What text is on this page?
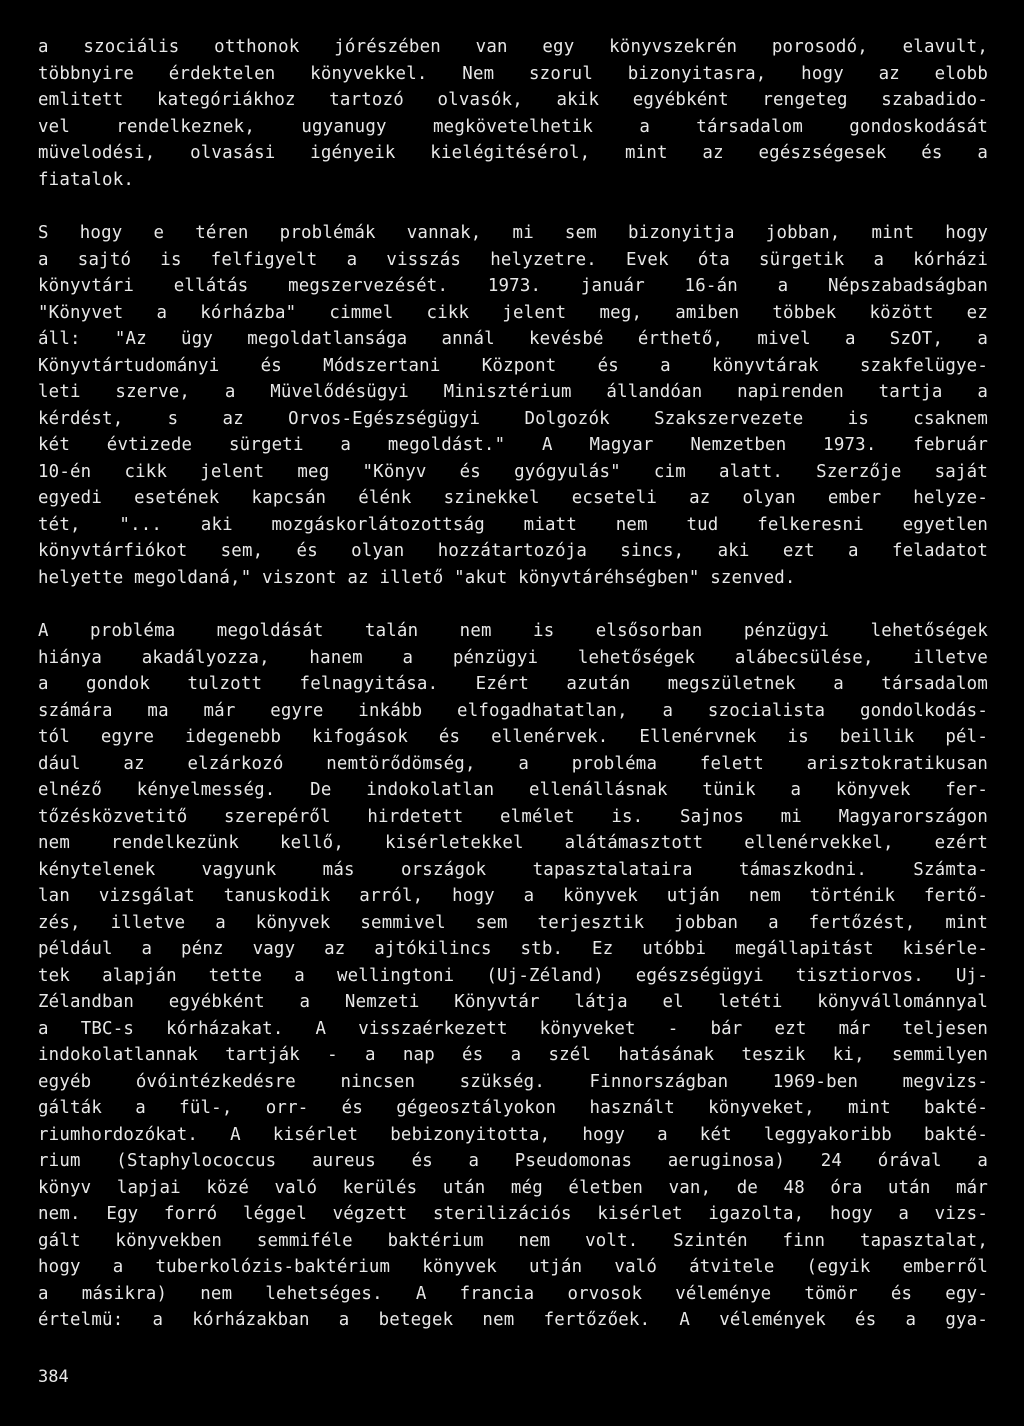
a szociális otthonok jórészében van egy könyvszekrén porosodó, elavult,
többnyire érdektelen könyvekkel. Nem szorul bizonyitasra, hogy az elobb
emlitett kategóriákhoz tartozó olvasók, akik egyébként rengeteg szabadido-
vel rendelkeznek, ugyanugy megkövetelhetik a társadalom gondoskodását
müvelodési, olvasási igényeik kielégitésérol, mint az egészségesek és a
fiatalok.
S hogy e téren problémák vannak, mi sem bizonyitja jobban, mint hogy
a sajtó is felfigyelt a visszás helyzetre. Evek óta sürgetik a kórházi
könyvtári ellátás megszervezését. 1973. január 16-án a Népszabadságban
"Könyvet a kórházba" cimmel cikk jelent meg, amiben többek között ez
áll: "Az ügy megoldatlansága annál kevésbé érthető, mivel a SzOT, a
Könyvtártudományi és Módszertani Központ és a könyvtárak szakfelügye-
leti szerve, a Müvelődésügyi Minisztérium állandóan napirenden tartja a
kérdést, s az Orvos-Egészségügyi Dolgozók Szakszervezete is csaknem
két évtizede sürgeti a megoldást." A Magyar Nemzetben 1973. február
10-én cikk jelent meg "Könyv és gyógyulás" cim alatt. Szerzője saját
egyedi esetének kapcsán élénk szinekkel ecseteli az olyan ember helyze-
tét, "... aki mozgáskorlátozottság miatt nem tud felkeresni egyetlen
könyvtárfiókot sem, és olyan hozzátartozója sincs, aki ezt a feladatot
helyette megoldaná," viszont az illető "akut könyvtáréhségben" szenved.
A probléma megoldását talán nem is elsősorban pénzügyi lehetőségek
hiánya akadályozza, hanem a pénzügyi lehetőségek alábecsülése, illetve
a gondok tulzott felnagyitása. Ezért azután megszületnek a társadalom
számára ma már egyre inkább elfogadhatatlan, a szocialista gondolkodás-
tól egyre idegenebb kifogások és ellenérvek. Ellenérvnek is beillik pél-
dául az elzárkozó nemtörődömség, a probléma felett arisztokratikusan
elnéző kényelmesség. De indokolatlan ellenállásnak tünik a könyvek fer-
tőzésközvetitő szerepéről hirdetett elmélet is. Sajnos mi Magyarországon
nem rendelkezünk kellő, kisérletekkel alátámasztott ellenérvekkel, ezért
kénytelenek vagyunk más országok tapasztalataira támaszkodni. Számta-
lan vizsgálat tanuskodik arról, hogy a könyvek utján nem történik fertő-
zés, illetve a könyvek semmivel sem terjesztik jobban a fertőzést, mint
például a pénz vagy az ajtókilincs stb. Ez utóbbi megállapitást kisérle-
tek alapján tette a wellingtoni (Uj-Zéland) egészségügyi tisztiorvos. Uj-
Zélandban egyébként a Nemzeti Könyvtár látja el letéti könyvállománnyal
a TBC-s kórházakat. A visszaérkezett könyveket - bár ezt már teljesen
indokolatlannak tartják - a nap és a szél hatásának teszik ki, semmilyen
egyéb óvóintézkedésre nincsen szükség. Finnországban 1969-ben megvizs-
gálták a fül-, orr- és gégeosztályokon használt könyveket, mint bakté-
riumhordozókat. A kisérlet bebizonyitotta, hogy a két leggyakoribb bakté-
rium (Staphylococcus aureus és a Pseudomonas aeruginosa) 24 órával a
könyv lapjai közé való kerülés után még életben van, de 48 óra után már
nem. Egy forró léggel végzett sterilizációs kisérlet igazolta, hogy a vizs-
gált könyvekben semmiféle baktérium nem volt. Szintén finn tapasztalat,
hogy a tuberkolózis-baktérium könyvek utján való átvitele (egyik emberről
a másikra) nem lehetséges. A francia orvosok véleménye tömör és egy-
értelmü: a kórházakban a betegek nem fertőzőek. A vélemények és a gya-
384
